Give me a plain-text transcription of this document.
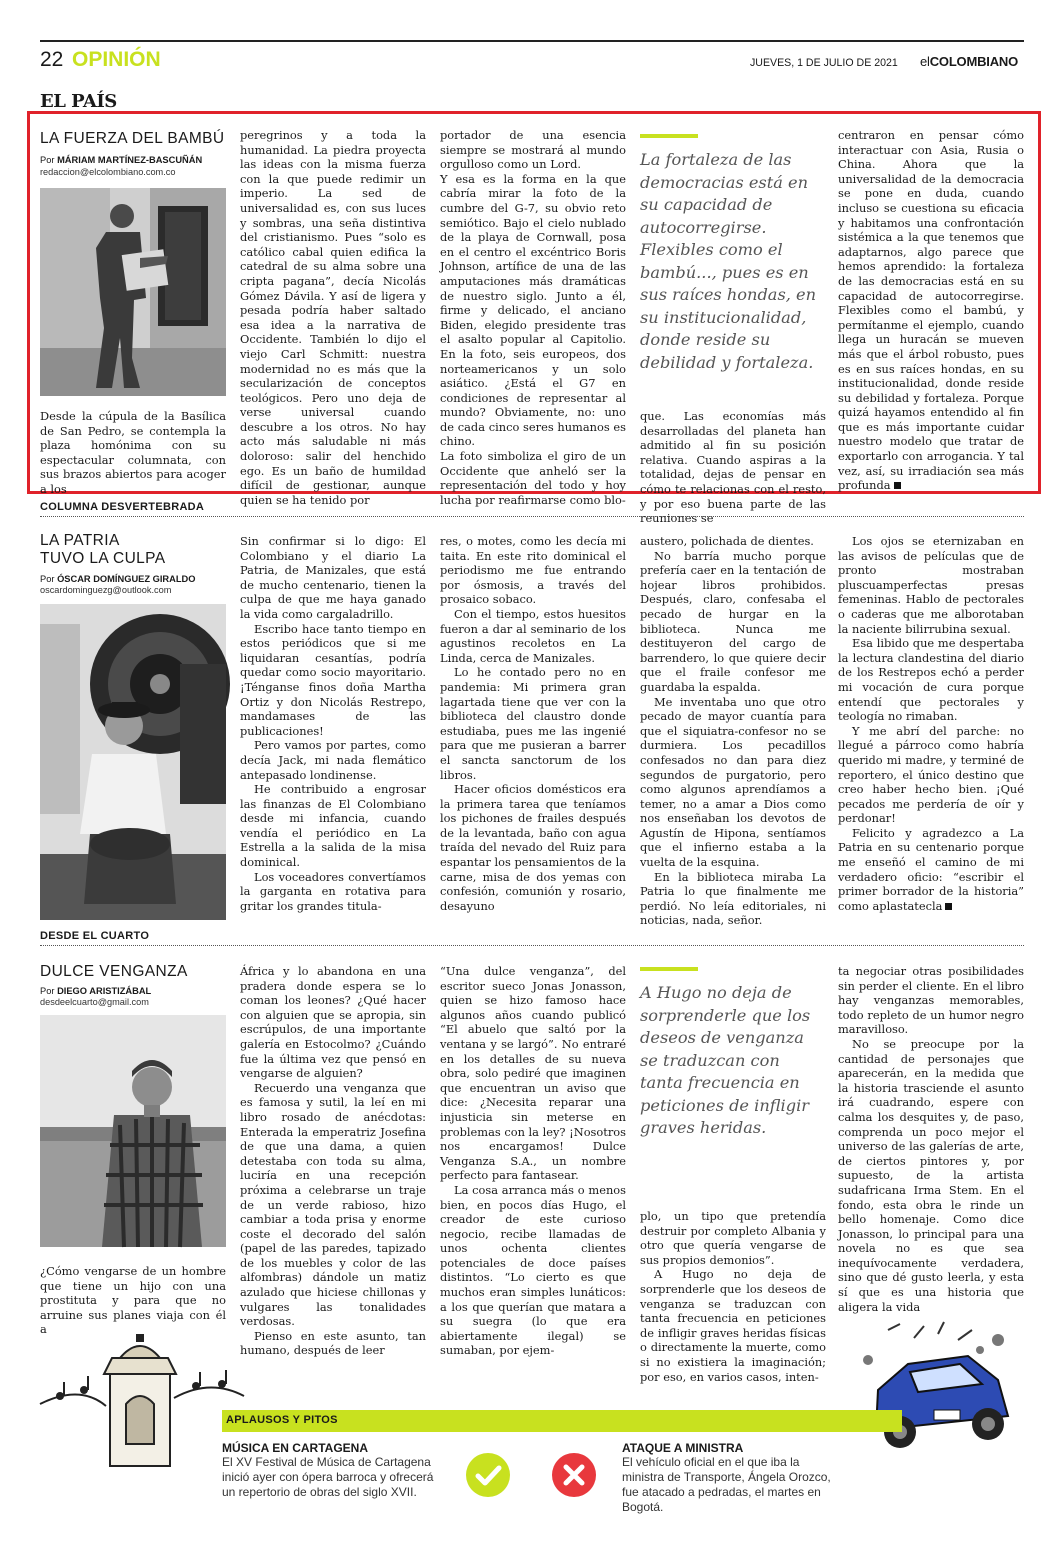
22 OPINIÓN	JUEVES, 1 DE JULIO DE 2021 elCOLOMBIANO
EL PAÍS
LA FUERZA DEL BAMBÚ
Por MÁRIAM MARTÍNEZ-BASCUÑÁN
redaccion@elcolombiano.com.co

Desde la cúpula de la Basílica de San Pedro, se contempla la plaza homónima con su espectacular columnata, con sus brazos abiertos para acoger a los

peregrinos y a toda la humanidad. La piedra proyecta las ideas con la misma fuerza con la que puede redimir un imperio. La sed de universalidad es, con sus luces y sombras, una seña distintiva del cristianismo. Pues “solo es católico cabal quien edifica la catedral de su alma sobre una cripta pagana”, decía Nicolás Gómez Dávila. Y así de ligera y pesada podría haber saltado esa idea a la narrativa de Occidente. También lo dijo el viejo Carl Schmitt: nuestra modernidad no es más que la secularización de conceptos teológicos. Pero uno deja de verse universal cuando descubre a los otros. No hay acto más saludable ni más doloroso: salir del henchido ego. Es un baño de humildad difícil de gestionar, aunque quien se ha tenido por

portador de una esencia siempre se mostrará al mundo orgulloso como un Lord.

Y esa es la forma en la que cabría mirar la foto de la cumbre del G-7, su obvio reto semiótico. Bajo el cielo nublado de la playa de Cornwall, posa en el centro el excéntrico Boris Johnson, artífice de una de las amputaciones más dramáticas de nuestro siglo. Junto a él, firme y delicado, el anciano Biden, elegido presidente tras el asalto popular al Capitolio. En la foto, seis europeos, dos norteamericanos y un solo asiático. ¿Está el G7 en condiciones de representar al mundo? Obviamente, no: uno de cada cinco seres humanos es chino.

La foto simboliza el giro de un Occidente que anheló ser la representación del todo y hoy lucha por reafirmarse como blo-

La fortaleza de las democracias está en su capacidad de autocorregirse. Flexibles como el bambú..., pues es en sus raíces hondas, en su institucionalidad, donde reside su debilidad y fortaleza.

que. Las economías más desarrolladas del planeta han admitido al fin su posición relativa. Cuando aspiras a la totalidad, dejas de pensar en cómo te relacionas con el resto, y por eso buena parte de las reuniones se

centraron en pensar cómo interactuar con Asia, Rusia o China. Ahora que la universalidad de la democracia se pone en duda, cuando incluso se cuestiona su eficacia y habitamos una confrontación sistémica a la que tenemos que adaptarnos, algo parece que hemos aprendido: la fortaleza de las democracias está en su capacidad de autocorregirse. Flexibles como el bambú, y permítanme el ejemplo, cuando llega un huracán se mueven más que el árbol robusto, pues es en sus raíces hondas, en su institucionalidad, donde reside su debilidad y fortaleza. Porque quizá hayamos entendido al fin que es más importante cuidar nuestro modelo que tratar de exportarlo con arrogancia. Y tal vez, así, su irradiación sea más profunda

COLUMNA DESVERTEBRADA
LA PATRIA
TUVO LA CULPA
Por ÓSCAR DOMÍNGUEZ GIRALDO
oscardominguezg@outlook.com

Sin confirmar si lo digo: El Colombiano y el diario La Patria, de Manizales, que está de mucho centenario, tienen la culpa de que me haya ganado la vida como cargaladrillo.

Escribo hace tanto tiempo en estos periódicos que si me liquidaran cesantías, podría quedar como socio mayoritario. ¡Ténganse finos doña Martha Ortiz y don Nicolás Restrepo, mandamases de las publicaciones!

Pero vamos por partes, como decía Jack, mi nada flemático antepasado londinense.

He contribuido a engrosar las finanzas de El Colombiano desde mi infancia, cuando vendía el periódico en La Estrella a la salida de la misa dominical.

Los voceadores convertíamos la garganta en rotativa para gritar los grandes titula-

res, o motes, como les decía mi taita. En este rito dominical el periodismo me fue entrando por ósmosis, a través del prosaico sobaco.

Con el tiempo, estos huesitos fueron a dar al seminario de los agustinos recoletos en La Linda, cerca de Manizales.

Lo he contado pero no en pandemia: Mi primera gran lagartada tiene que ver con la biblioteca del claustro donde estudiaba, pues me las ingenié para que me pusieran a barrer el sancta sanctorum de los libros.

Hacer oficios domésticos era la primera tarea que teníamos los pichones de frailes después de la levantada, baño con agua traída del nevado del Ruiz para espantar los pensamientos de la carne, misa de dos yemas con confesión, comunión y rosario, desayuno

austero, polichada de dientes.

No barría mucho porque prefería caer en la tentación de hojear libros prohibidos. Después, claro, confesaba el pecado de hurgar en la biblioteca. Nunca me destituyeron del cargo de barrendero, lo que quiere decir que el fraile confesor me guardaba la espalda.

Me inventaba uno que otro pecado de mayor cuantía para que el siquiatra-confesor no se durmiera. Los pecadillos confesados no dan para diez segundos de purgatorio, pero como algunos aprendíamos a temer, no a amar a Dios como nos enseñaban los devotos de Agustín de Hipona, sentíamos que el infierno estaba a la vuelta de la esquina.

En la biblioteca miraba La Patria lo que finalmente me perdió. No leía editoriales, ni noticias, nada, señor.

Los ojos se eternizaban en las avisos de películas que de pronto mostraban pluscuamperfectas presas femeninas. Hablo de pectorales o caderas que me alborotaban la naciente bilirrubina sexual.

Esa libido que me despertaba la lectura clandestina del diario de los Restrepos echó a perder mi vocación de cura porque entendí que pectorales y teología no rimaban.

Y me abrí del parche: no llegué a párroco como habría querido mi madre, y terminé de reportero, el único destino que creo haber hecho bien. ¡Qué pecados me perdería de oír y perdonar!

Felicito y agradezco a La Patria en su centenario porque me enseñó el camino de mi verdadero oficio: “escribir el primer borrador de la historia” como aplastatecla

DESDE EL CUARTO
DULCE VENGANZA
Por DIEGO ARISTIZÁBAL
desdeelcuarto@gmail.com

¿Cómo vengarse de un hombre que tiene un hijo con una prostituta y para que no arruine sus planes viaja con él a

África y lo abandona en una pradera donde espera se lo coman los leones? ¿Qué hacer con alguien que se apropia, sin escrúpulos, de una importante galería en Estocolmo? ¿Cuándo fue la última vez que pensó en vengarse de alguien?

Recuerdo una venganza que es famosa y sutil, la leí en mi libro rosado de anécdotas: Enterada la emperatriz Josefina de que una dama, a quien detestaba con toda su alma, luciría en una recepción próxima a celebrarse un traje de un verde rabioso, hizo cambiar a toda prisa y enorme coste el decorado del salón (papel de las paredes, tapizado de los muebles y color de las alfombras) dándole un matiz azulado que hiciese chillonas y vulgares las tonalidades verdosas.

Pienso en este asunto, tan humano, después de leer

“Una dulce venganza”, del escritor sueco Jonas Jonasson, quien se hizo famoso hace algunos años cuando publicó “El abuelo que saltó por la ventana y se largó”. No entraré en los detalles de su nueva obra, solo pediré que imaginen que encuentran un aviso que dice: ¿Necesita reparar una injusticia sin meterse en problemas con la ley? ¡Nosotros nos encargamos! Dulce Venganza S.A., un nombre perfecto para fantasear.

La cosa arranca más o menos bien, en pocos días Hugo, el creador de este curioso negocio, recibe llamadas de unos ochenta clientes potenciales de doce países distintos. “Lo cierto es que muchos eran simples lunáticos: a los que querían que matara a su suegra (lo que era abiertamente ilegal) se sumaban, por ejem-

A Hugo no deja de sorprenderle que los deseos de venganza se traduzcan con tanta frecuencia en peticiones de infligir graves heridas.

plo, un tipo que pretendía destruir por completo Albania y otro que quería vengarse de sus propios demonios”.

A Hugo no deja de sorprenderle que los deseos de venganza se traduzcan con tanta frecuencia en peticiones de infligir graves heridas físicas o directamente la muerte, como si no existiera la imaginación; por eso, en varios casos, inten-

ta negociar otras posibilidades sin perder el cliente. En el libro hay venganzas memorables, todo repleto de un humor negro maravilloso.

No se preocupe por la cantidad de personajes que aparecerán, en la medida que la historia trasciende el asunto irá cuadrando, espere con calma los desquites y, de paso, comprenda un poco mejor el universo de las galerías de arte, de ciertos pintores y, por supuesto, de la artista sudafricana Irma Stem. En el fondo, esta obra le rinde un bello homenaje. Como dice Jonasson, lo principal para una novela no es que sea inequívocamente verdadera, sino que dé gusto leerla, y esta sí que es una historia que aligera la vida

APLAUSOS Y PITOS
MÚSICA EN CARTAGENA
El XV Festival de Música de Cartagena inició ayer con ópera barroca y ofrecerá un repertorio de obras del siglo XVII.
ATAQUE A MINISTRA
El vehículo oficial en el que iba la ministra de Transporte, Ángela Orozco, fue atacado a pedradas, el martes en Bogotá.
